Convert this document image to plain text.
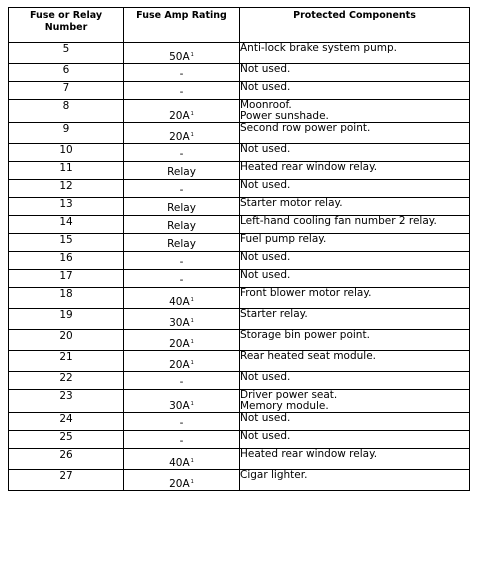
Fuse or Relay Number	Fuse Amp Rating	Protected Components
5	50A$^1$	Anti-lock brake system pump.

6	-	Not used.

7	-	Not used.

8	20A$^1$	Moonroof.
Power sunshade.

9	20A$^1$	Second row power point.

10	-	Not used.

11	Relay	Heated rear window relay.

12	-	Not used.

13	Relay	Starter motor relay.

14	Relay	Left-hand cooling fan number 2 relay.

15	Relay	Fuel pump relay.

16	-	Not used.

17	-	Not used.

18	40A$^1$	Front blower motor relay.

19	30A$^1$	Starter relay.

20	20A$^1$	Storage bin power point.

21	20A$^1$	Rear heated seat module.

22	-	Not used.

23	30A$^1$	Driver power seat.
Memory module.

24	-	Not used.

25	-	Not used.

26	40A$^1$	Heated rear window relay.

27	20A$^1$	Cigar lighter.
